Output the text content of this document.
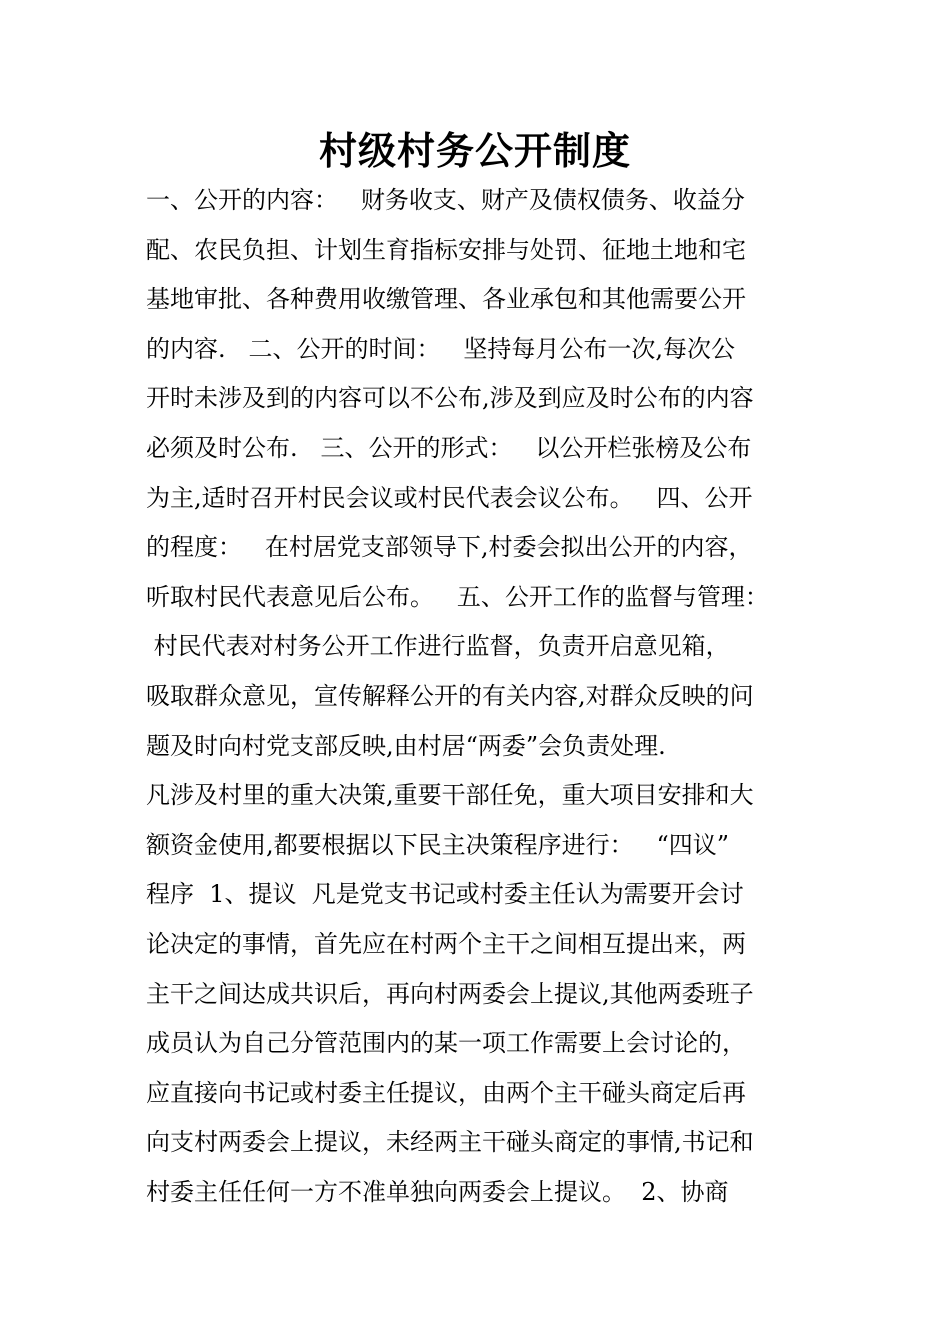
村级村务公开制度
一、公开的内容：   财务收支、财产及债权债务、收益分
配、农民负担、计划生育指标安排与处罚、征地土地和宅
基地审批、各种费用收缴管理、各业承包和其他需要公开
的内容.   二、公开的时间：   坚持每月公布一次,每次公
开时未涉及到的内容可以不公布,涉及到应及时公布的内容
必须及时公布.   三、公开的形式：   以公开栏张榜及公布
为主,适时召开村民会议或村民代表会议公布。   四、公开
的程度：   在村居党支部领导下,村委会拟出公开的内容，
听取村民代表意见后公布。   五、公开工作的监督与管理：
村民代表对村务公开工作进行监督，负责开启意见箱，
吸取群众意见，宣传解释公开的有关内容,对群众反映的问
题及时向村党支部反映,由村居“两委”会负责处理.
凡涉及村里的重大决策,重要干部任免，重大项目安排和大
额资金使用,都要根据以下民主决策程序进行：   “四议”
程序  1、提议  凡是党支书记或村委主任认为需要开会讨
论决定的事情，首先应在村两个主干之间相互提出来，两
主干之间达成共识后，再向村两委会上提议,其他两委班子
成员认为自己分管范围内的某一项工作需要上会讨论的，
应直接向书记或村委主任提议，由两个主干碰头商定后再
向支村两委会上提议，未经两主干碰头商定的事情,书记和
村委主任任何一方不准单独向两委会上提议。  2、协商
